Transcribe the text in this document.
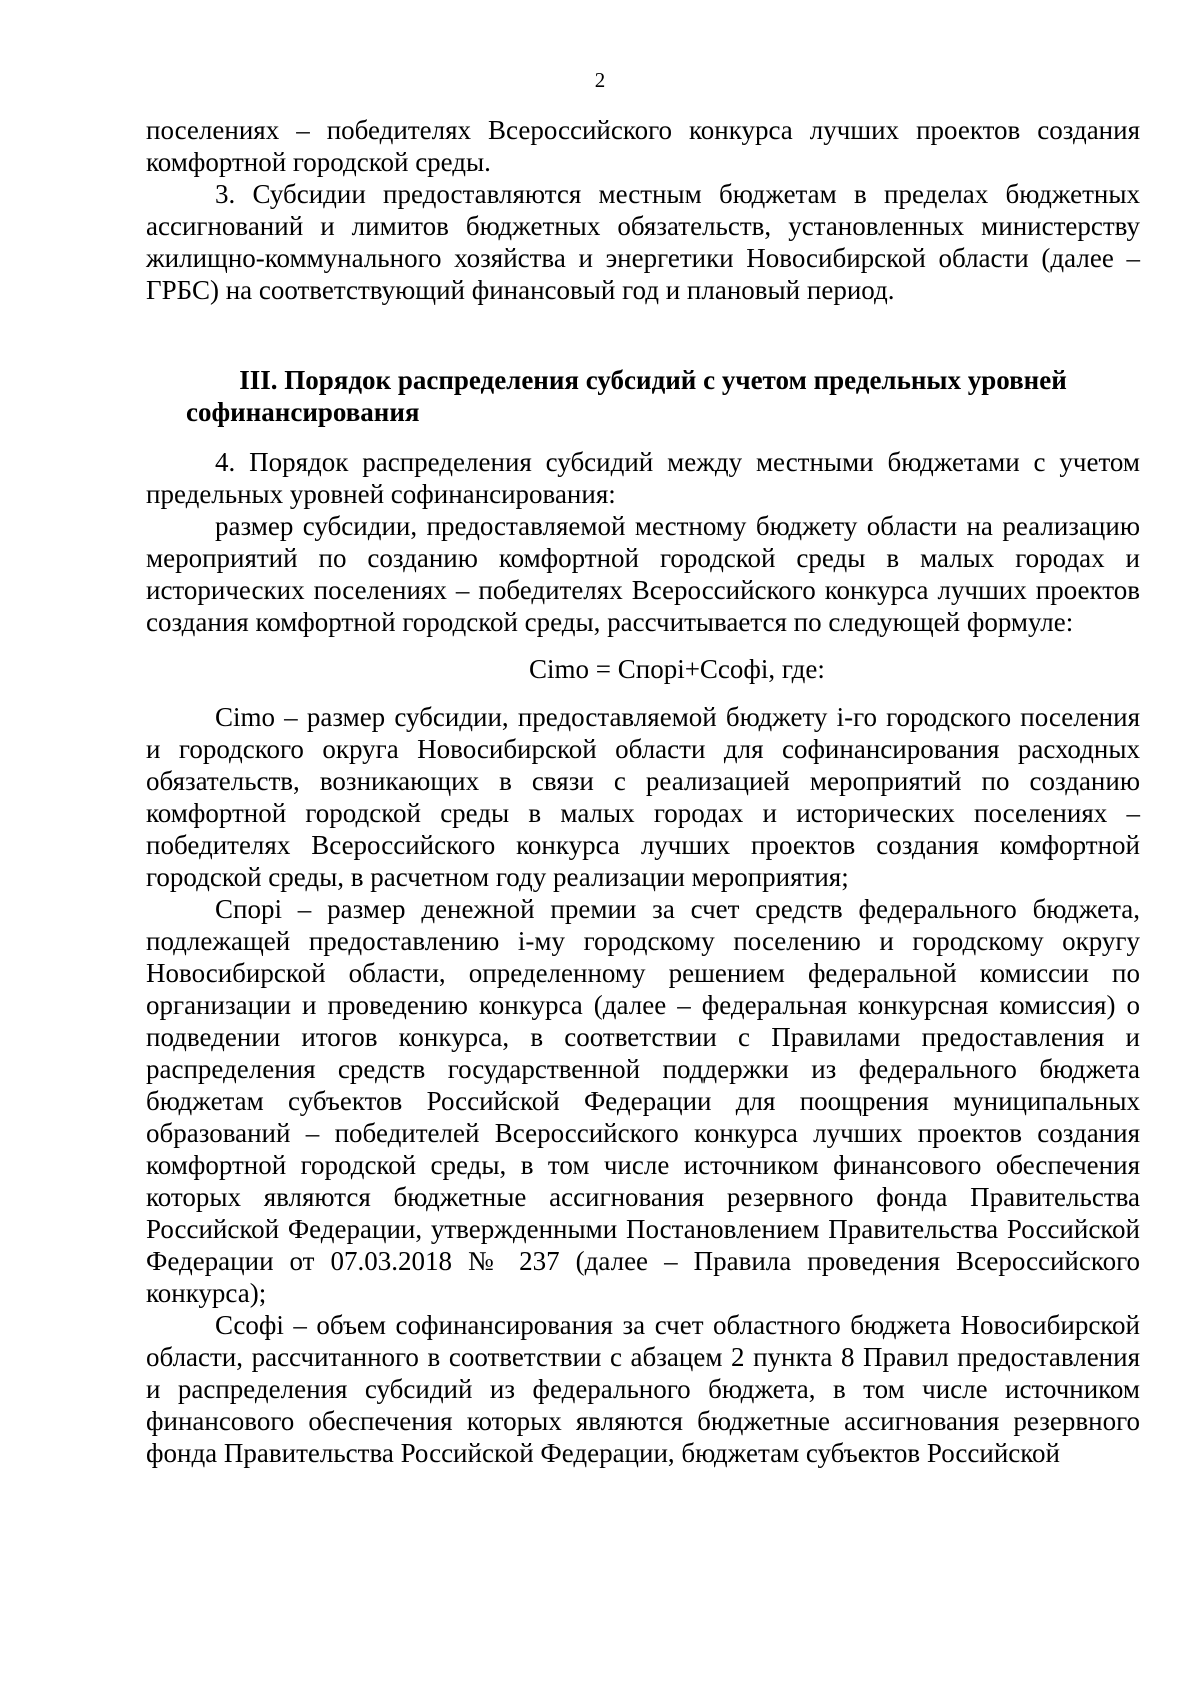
2

поселениях – победителях Всероссийского конкурса лучших проектов создания комфортной городской среды.

3. Субсидии предоставляются местным бюджетам в пределах бюджетных ассигнований и лимитов бюджетных обязательств, установленных министерству жилищно-коммунального хозяйства и энергетики Новосибирской области (далее – ГРБС) на соответствующий финансовый год и плановый период.

III. Порядок распределения субсидий с учетом предельных уровней софинансирования

4. Порядок распределения субсидий между местными бюджетами с учетом предельных уровней софинансирования:

размер субсидии, предоставляемой местному бюджету области на реализацию мероприятий по созданию комфортной городской среды в малых городах и исторических поселениях – победителях Всероссийского конкурса лучших проектов создания комфортной городской среды, рассчитывается по следующей формуле:

Сimo = Cпорi+Cсофi, где:

Сimo – размер субсидии, предоставляемой бюджету i-го городского поселения и городского округа Новосибирской области для софинансирования расходных обязательств, возникающих в связи с реализацией мероприятий по созданию комфортной городской среды в малых городах и исторических поселениях – победителях Всероссийского конкурса лучших проектов создания комфортной городской среды, в расчетном году реализации мероприятия;

Спорi – размер денежной премии за счет средств федерального бюджета, подлежащей предоставлению i-му городскому поселению и городскому округу Новосибирской области, определенному решением федеральной комиссии по организации и проведению конкурса (далее – федеральная конкурсная комиссия) о подведении итогов конкурса, в соответствии с Правилами предоставления и распределения средств государственной поддержки из федерального бюджета бюджетам субъектов Российской Федерации для поощрения муниципальных образований – победителей Всероссийского конкурса лучших проектов создания комфортной городской среды, в том числе источником финансового обеспечения которых являются бюджетные ассигнования резервного фонда Правительства Российской Федерации, утвержденными Постановлением Правительства Российской Федерации от 07.03.2018 № 237 (далее – Правила проведения Всероссийского конкурса);

Ссофi – объем софинансирования за счет областного бюджета Новосибирской области, рассчитанного в соответствии с абзацем 2 пункта 8 Правил предоставления и распределения субсидий из федерального бюджета, в том числе источником финансового обеспечения которых являются бюджетные ассигнования резервного фонда Правительства Российской Федерации, бюджетам субъектов Российской
